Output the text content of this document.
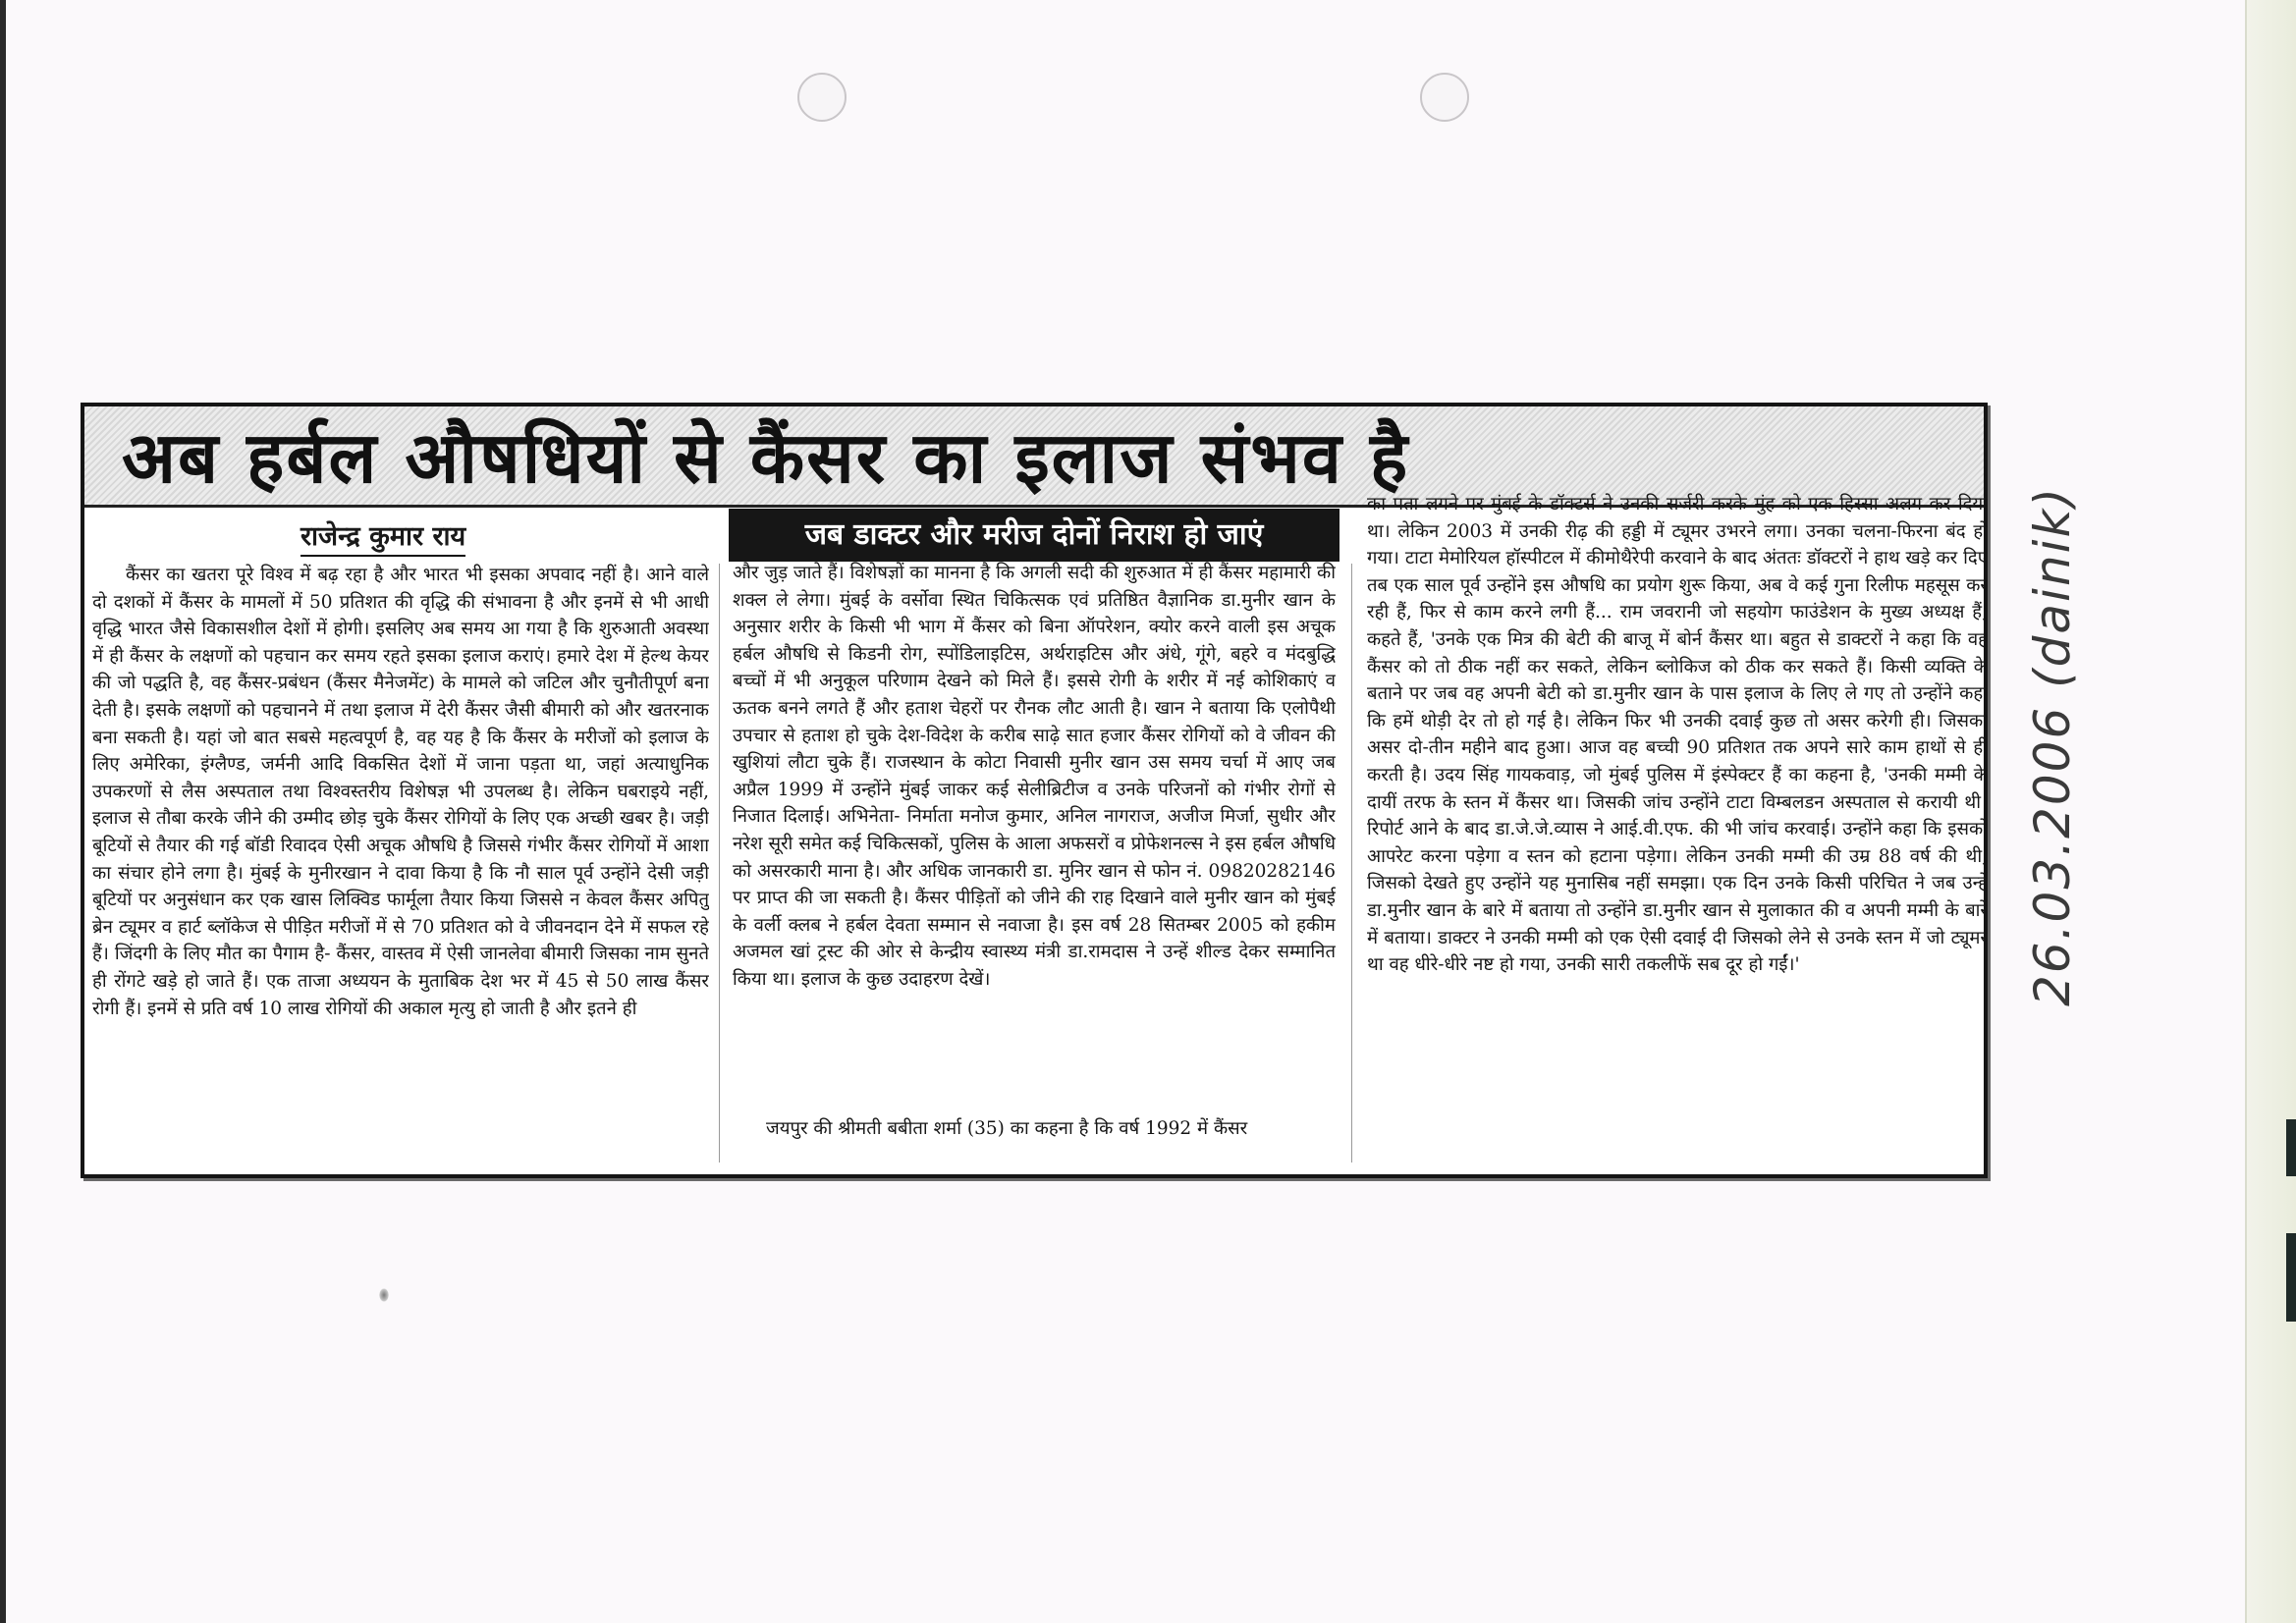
अब हर्बल औषधियों से कैंसर का इलाज संभव है
राजेन्द्र कुमार राय	जब डाक्टर और मरीज दोनों निराश हो जाएं

कैंसर का खतरा पूरे विश्व में बढ़ रहा है और भारत भी इसका अपवाद नहीं है। आने वाले दो दशकों में कैंसर के मामलों में 50 प्रतिशत की वृद्धि की संभावना है और इनमें से भी आधी वृद्धि भारत जैसे विकासशील देशों में होगी। इसलिए अब समय आ गया है कि शुरुआती अवस्था में ही कैंसर के लक्षणों को पहचान कर समय रहते इसका इलाज कराएं। हमारे देश में हेल्थ केयर की जो पद्धति है, वह कैंसर-प्रबंधन (कैंसर मैनेजमेंट) के मामले को जटिल और चुनौतीपूर्ण बना देती है। इसके लक्षणों को पहचानने में तथा इलाज में देरी कैंसर जैसी बीमारी को और खतरनाक बना सकती है। यहां जो बात सबसे महत्वपूर्ण है, वह यह है कि कैंसर के मरीजों को इलाज के लिए अमेरिका, इंग्लैण्ड, जर्मनी आदि विकसित देशों में जाना पड़ता था, जहां अत्याधुनिक उपकरणों से लैस अस्पताल तथा विश्वस्तरीय विशेषज्ञ भी उपलब्ध है। लेकिन घबराइये नहीं, इलाज से तौबा करके जीने की उम्मीद छोड़ चुके कैंसर रोगियों के लिए एक अच्छी खबर है। जड़ी बूटियों से तैयार की गई बॉडी रिवादव ऐसी अचूक औषधि है जिससे गंभीर कैंसर रोगियों में आशा का संचार होने लगा है। मुंबई के मुनीरखान ने दावा किया है कि नौ साल पूर्व उन्होंने देसी जड़ी बूटियों पर अनुसंधान कर एक खास लिक्विड फार्मूला तैयार किया जिससे न केवल कैंसर अपितु ब्रेन ट्यूमर व हार्ट ब्लॉकेज से पीड़ित मरीजों में से 70 प्रतिशत को वे जीवनदान देने में सफल रहे हैं। जिंदगी के लिए मौत का पैगाम है- कैंसर, वास्तव में ऐसी जानलेवा बीमारी जिसका नाम सुनते ही रोंगटे खड़े हो जाते हैं। एक ताजा अध्ययन के मुताबिक देश भर में 45 से 50 लाख कैंसर रोगी हैं। इनमें से प्रति वर्ष 10 लाख रोगियों की अकाल मृत्यु हो जाती है और इतने ही

और जुड़ जाते हैं। विशेषज्ञों का मानना है कि अगली सदी की शुरुआत में ही कैंसर महामारी की शक्ल ले लेगा। मुंबई के वर्सोवा स्थित चिकित्सक एवं प्रतिष्ठित वैज्ञानिक डा.मुनीर खान के अनुसार शरीर के किसी भी भाग में कैंसर को बिना ऑपरेशन, क्योर करने वाली इस अचूक हर्बल औषधि से किडनी रोग, स्पोंडिलाइटिस, अर्थराइटिस और अंधे, गूंगे, बहरे व मंदबुद्धि बच्चों में भी अनुकूल परिणाम देखने को मिले हैं। इससे रोगी के शरीर में नई कोशिकाएं व ऊतक बनने लगते हैं और हताश चेहरों पर रौनक लौट आती है। खान ने बताया कि एलोपैथी उपचार से हताश हो चुके देश-विदेश के करीब साढ़े सात हजार कैंसर रोगियों को वे जीवन की खुशियां लौटा चुके हैं। राजस्थान के कोटा निवासी मुनीर खान उस समय चर्चा में आए जब अप्रैल 1999 में उन्होंने मुंबई जाकर कई सेलीब्रिटीज व उनके परिजनों को गंभीर रोगों से निजात दिलाई। अभिनेता- निर्माता मनोज कुमार, अनिल नागराज, अजीज मिर्जा, सुधीर और नरेश सूरी समेत कई चिकित्सकों, पुलिस के आला अफसरों व प्रोफेशनल्स ने इस हर्बल औषधि को असरकारी माना है। और अधिक जानकारी डा. मुनिर खान से फोन नं. 09820282146 पर प्राप्त की जा सकती है। कैंसर पीड़ितों को जीने की राह दिखाने वाले मुनीर खान को मुंबई के वर्ली क्लब ने हर्बल देवता सम्मान से नवाजा है। इस वर्ष 28 सितम्बर 2005 को हकीम अजमल खां ट्रस्ट की ओर से केन्द्रीय स्वास्थ्य मंत्री डा.रामदास ने उन्हें शील्ड देकर सम्मानित किया था। इलाज के कुछ उदाहरण देखें।

जयपुर की श्रीमती बबीता शर्मा (35) का कहना है कि वर्ष 1992 में कैंसर

का पता लगने पर मुंबई के डॉक्टर्स ने उनकी सर्जरी करके मुंह को एक हिस्सा अलग कर दिया था। लेकिन 2003 में उनकी रीढ़ की हड्डी में ट्यूमर उभरने लगा। उनका चलना-फिरना बंद हो गया। टाटा मेमोरियल हॉस्पीटल में कीमोथैरेपी करवाने के बाद अंततः डॉक्टरों ने हाथ खड़े कर दिए तब एक साल पूर्व उन्होंने इस औषधि का प्रयोग शुरू किया, अब वे कई गुना रिलीफ महसूस कर रही हैं, फिर से काम करने लगी हैं... राम जवरानी जो सहयोग फाउंडेशन के मुख्य अध्यक्ष हैं, कहते हैं, 'उनके एक मित्र की बेटी की बाजू में बोर्न कैंसर था। बहुत से डाक्टरों ने कहा कि वह कैंसर को तो ठीक नहीं कर सकते, लेकिन ब्लोकिज को ठीक कर सकते हैं। किसी व्यक्ति के बताने पर जब वह अपनी बेटी को डा.मुनीर खान के पास इलाज के लिए ले गए तो उन्होंने कहा कि हमें थोड़ी देर तो हो गई है। लेकिन फिर भी उनकी दवाई कुछ तो असर करेगी ही। जिसका असर दो-तीन महीने बाद हुआ। आज वह बच्ची 90 प्रतिशत तक अपने सारे काम हाथों से ही करती है। उदय सिंह गायकवाड़, जो मुंबई पुलिस में इंस्पेक्टर हैं का कहना है, 'उनकी मम्मी के दायीं तरफ के स्तन में कैंसर था। जिसकी जांच उन्होंने टाटा विम्बलडन अस्पताल से करायी थी। रिपोर्ट आने के बाद डा.जे.जे.व्यास ने आई.वी.एफ. की भी जांच करवाई। उन्होंने कहा कि इसको आपरेट करना पड़ेगा व स्तन को हटाना पड़ेगा। लेकिन उनकी मम्मी की उम्र 88 वर्ष की थी, जिसको देखते हुए उन्होंने यह मुनासिब नहीं समझा। एक दिन उनके किसी परिचित ने जब उन्हें डा.मुनीर खान के बारे में बताया तो उन्होंने डा.मुनीर खान से मुलाकात की व अपनी मम्मी के बारे में बताया। डाक्टर ने उनकी मम्मी को एक ऐसी दवाई दी जिसको लेने से उनके स्तन में जो ट्यूमर था वह धीरे-धीरे नष्ट हो गया, उनकी सारी तकलीफें सब दूर हो गईं।'	26.03.2006 (dainik)
